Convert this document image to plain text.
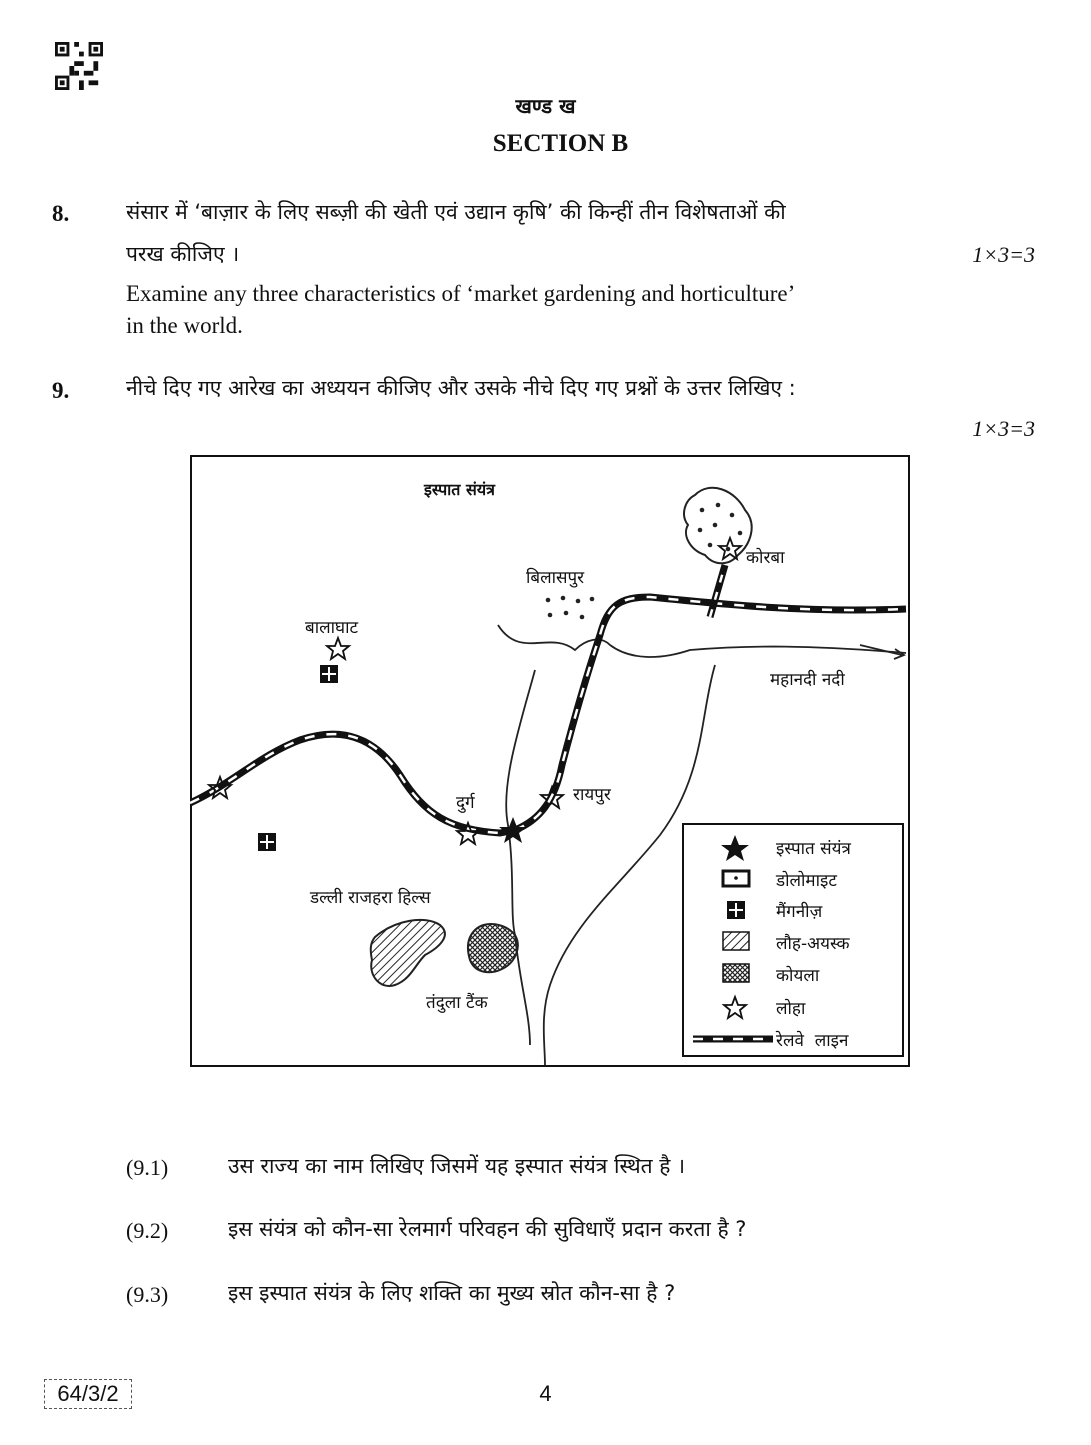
खण्ड ख
SECTION B
8.	संसार में ‘बाज़ार के लिए सब्ज़ी की खेती एवं उद्यान कृषि’ की किन्हीं तीन विशेषताओं की
परख कीजिए ।	1×3=3
Examine any three characteristics of ‘market gardening and horticulture’
in the world.
9.	नीचे दिए गए आरेख का अध्ययन कीजिए और उसके नीचे दिए गए प्रश्नों के उत्तर लिखिए :
1×3=3
इस्पात संयंत्र
कोरबा
बिलासपुर
बालाघाट
महानदी नदी
दुर्ग	रायपुर
डल्ली राजहरा हिल्स
तंदुला टैंक
इस्पात संयंत्र
डोलोमाइट
मैंगनीज़
लौह-अयस्क
कोयला
लोहा
रेलवे  लाइन
(9.1)	उस राज्य का नाम लिखिए जिसमें यह इस्पात संयंत्र स्थित है ।
(9.2)	इस संयंत्र को कौन-सा रेलमार्ग परिवहन की सुविधाएँ प्रदान करता है ?
(9.3)	इस इस्पात संयंत्र के लिए शक्ति का मुख्य स्रोत कौन-सा है ?
64/3/2	4
